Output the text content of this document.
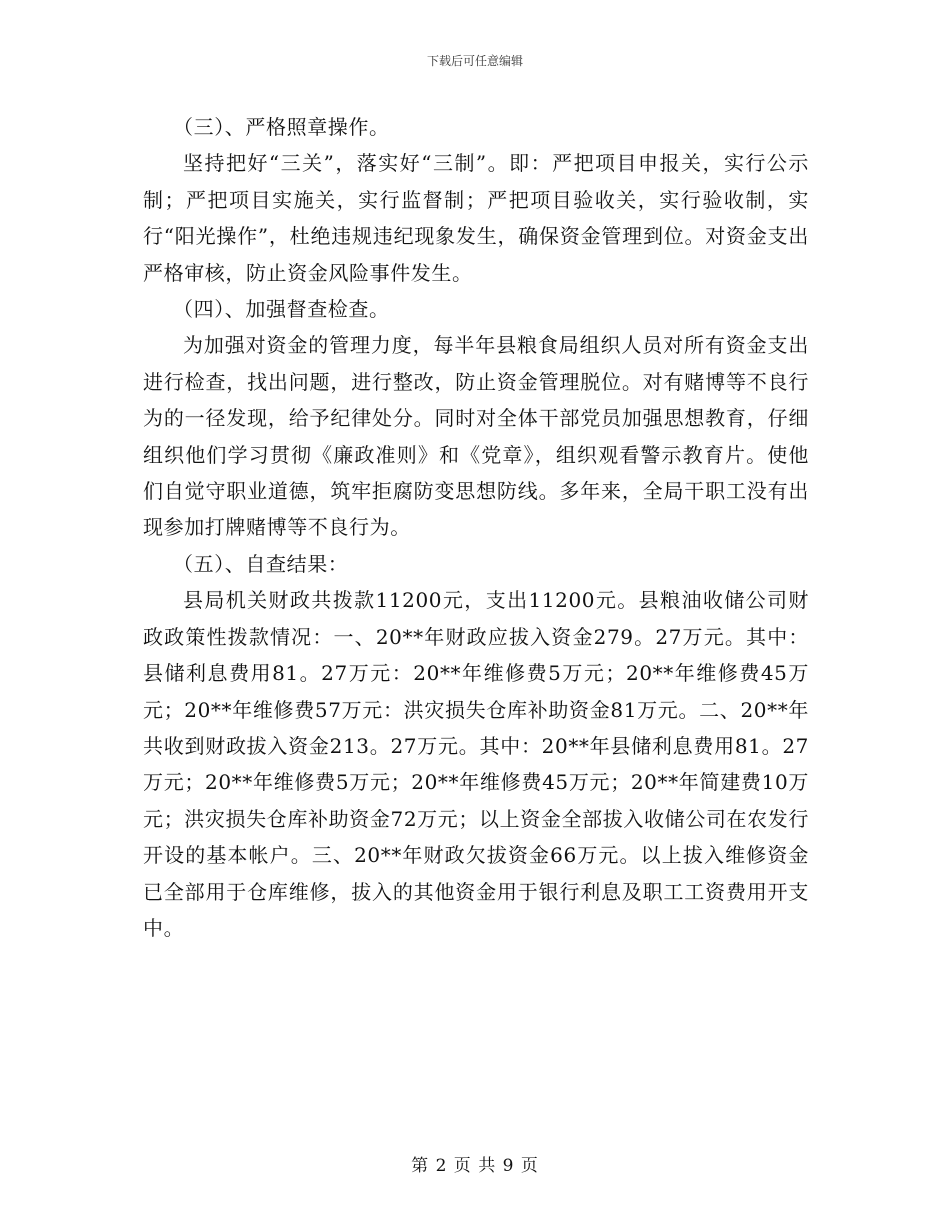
下载后可任意编辑

（三）、严格照章操作。

坚持把好“三关”，落实好“三制”。即：严把项目申报关，实行公示制；严把项目实施关，实行监督制；严把项目验收关，实行验收制，实行“阳光操作”，杜绝违规违纪现象发生，确保资金管理到位。对资金支出严格审核，防止资金风险事件发生。

（四）、加强督查检查。

为加强对资金的管理力度，每半年县粮食局组织人员对所有资金支出进行检查，找出问题，进行整改，防止资金管理脱位。对有赌博等不良行为的一径发现，给予纪律处分。同时对全体干部党员加强思想教育，仔细组织他们学习贯彻《廉政准则》和《党章》，组织观看警示教育片。使他们自觉守职业道德，筑牢拒腐防变思想防线。多年来，全局干职工没有出现参加打牌赌博等不良行为。

（五）、自查结果：

县局机关财政共拨款11200元，支出11200元。县粮油收储公司财政政策性拨款情况：一、20**年财政应拔入资金279。27万元。其中：县储利息费用81。27万元：20**年维修费5万元；20**年维修费45万元；20**年维修费57万元：洪灾损失仓库补助资金81万元。二、20**年共收到财政拔入资金213。27万元。其中：20**年县储利息费用81。27万元；20**年维修费5万元；20**年维修费45万元；20**年简建费10万元；洪灾损失仓库补助资金72万元；以上资金全部拔入收储公司在农发行开设的基本帐户。三、20**年财政欠拔资金66万元。以上拔入维修资金已全部用于仓库维修，拔入的其他资金用于银行利息及职工工资费用开支中。

第 2 页 共 9 页
